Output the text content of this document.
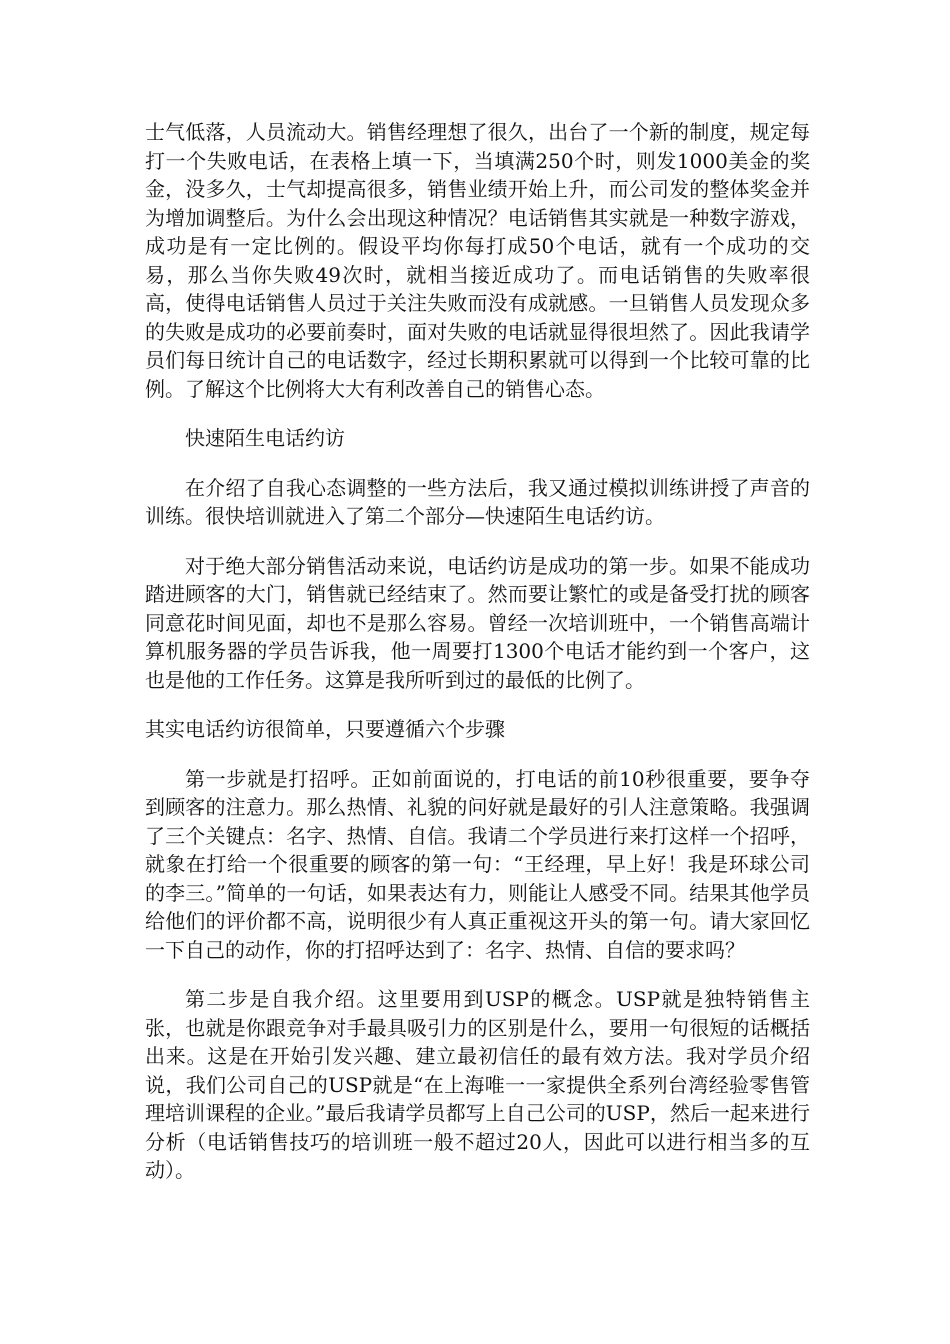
士气低落，人员流动大。销售经理想了很久，出台了一个新的制度，规定每打一个失败电话，在表格上填一下，当填满250个时，则发1000美金的奖金，没多久，士气却提高很多，销售业绩开始上升，而公司发的整体奖金并为增加调整后。为什么会出现这种情况？电话销售其实就是一种数字游戏，成功是有一定比例的。假设平均你每打成50个电话，就有一个成功的交易，那么当你失败49次时，就相当接近成功了。而电话销售的失败率很高，使得电话销售人员过于关注失败而没有成就感。一旦销售人员发现众多的失败是成功的必要前奏时，面对失败的电话就显得很坦然了。因此我请学员们每日统计自己的电话数字，经过长期积累就可以得到一个比较可靠的比例。了解这个比例将大大有利改善自己的销售心态。

快速陌生电话约访

在介绍了自我心态调整的一些方法后，我又通过模拟训练讲授了声音的训练。很快培训就进入了第二个部分—快速陌生电话约访。

对于绝大部分销售活动来说，电话约访是成功的第一步。如果不能成功踏进顾客的大门，销售就已经结束了。然而要让繁忙的或是备受打扰的顾客同意花时间见面，却也不是那么容易。曾经一次培训班中，一个销售高端计算机服务器的学员告诉我，他一周要打1300个电话才能约到一个客户，这也是他的工作任务。这算是我所听到过的最低的比例了。

其实电话约访很简单，只要遵循六个步骤

第一步就是打招呼。正如前面说的，打电话的前10秒很重要，要争夺到顾客的注意力。那么热情、礼貌的问好就是最好的引人注意策略。我强调了三个关键点：名字、热情、自信。我请二个学员进行来打这样一个招呼，就象在打给一个很重要的顾客的第一句：“王经理，早上好！我是环球公司的李三。”简单的一句话，如果表达有力，则能让人感受不同。结果其他学员给他们的评价都不高，说明很少有人真正重视这开头的第一句。请大家回忆一下自己的动作，你的打招呼达到了：名字、热情、自信的要求吗？

第二步是自我介绍。这里要用到USP的概念。USP就是独特销售主张，也就是你跟竞争对手最具吸引力的区别是什么，要用一句很短的话概括出来。这是在开始引发兴趣、建立最初信任的最有效方法。我对学员介绍说，我们公司自己的USP就是“在上海唯一一家提供全系列台湾经验零售管理培训课程的企业。”最后我请学员都写上自己公司的USP，然后一起来进行分析（电话销售技巧的培训班一般不超过20人，因此可以进行相当多的互动）。
